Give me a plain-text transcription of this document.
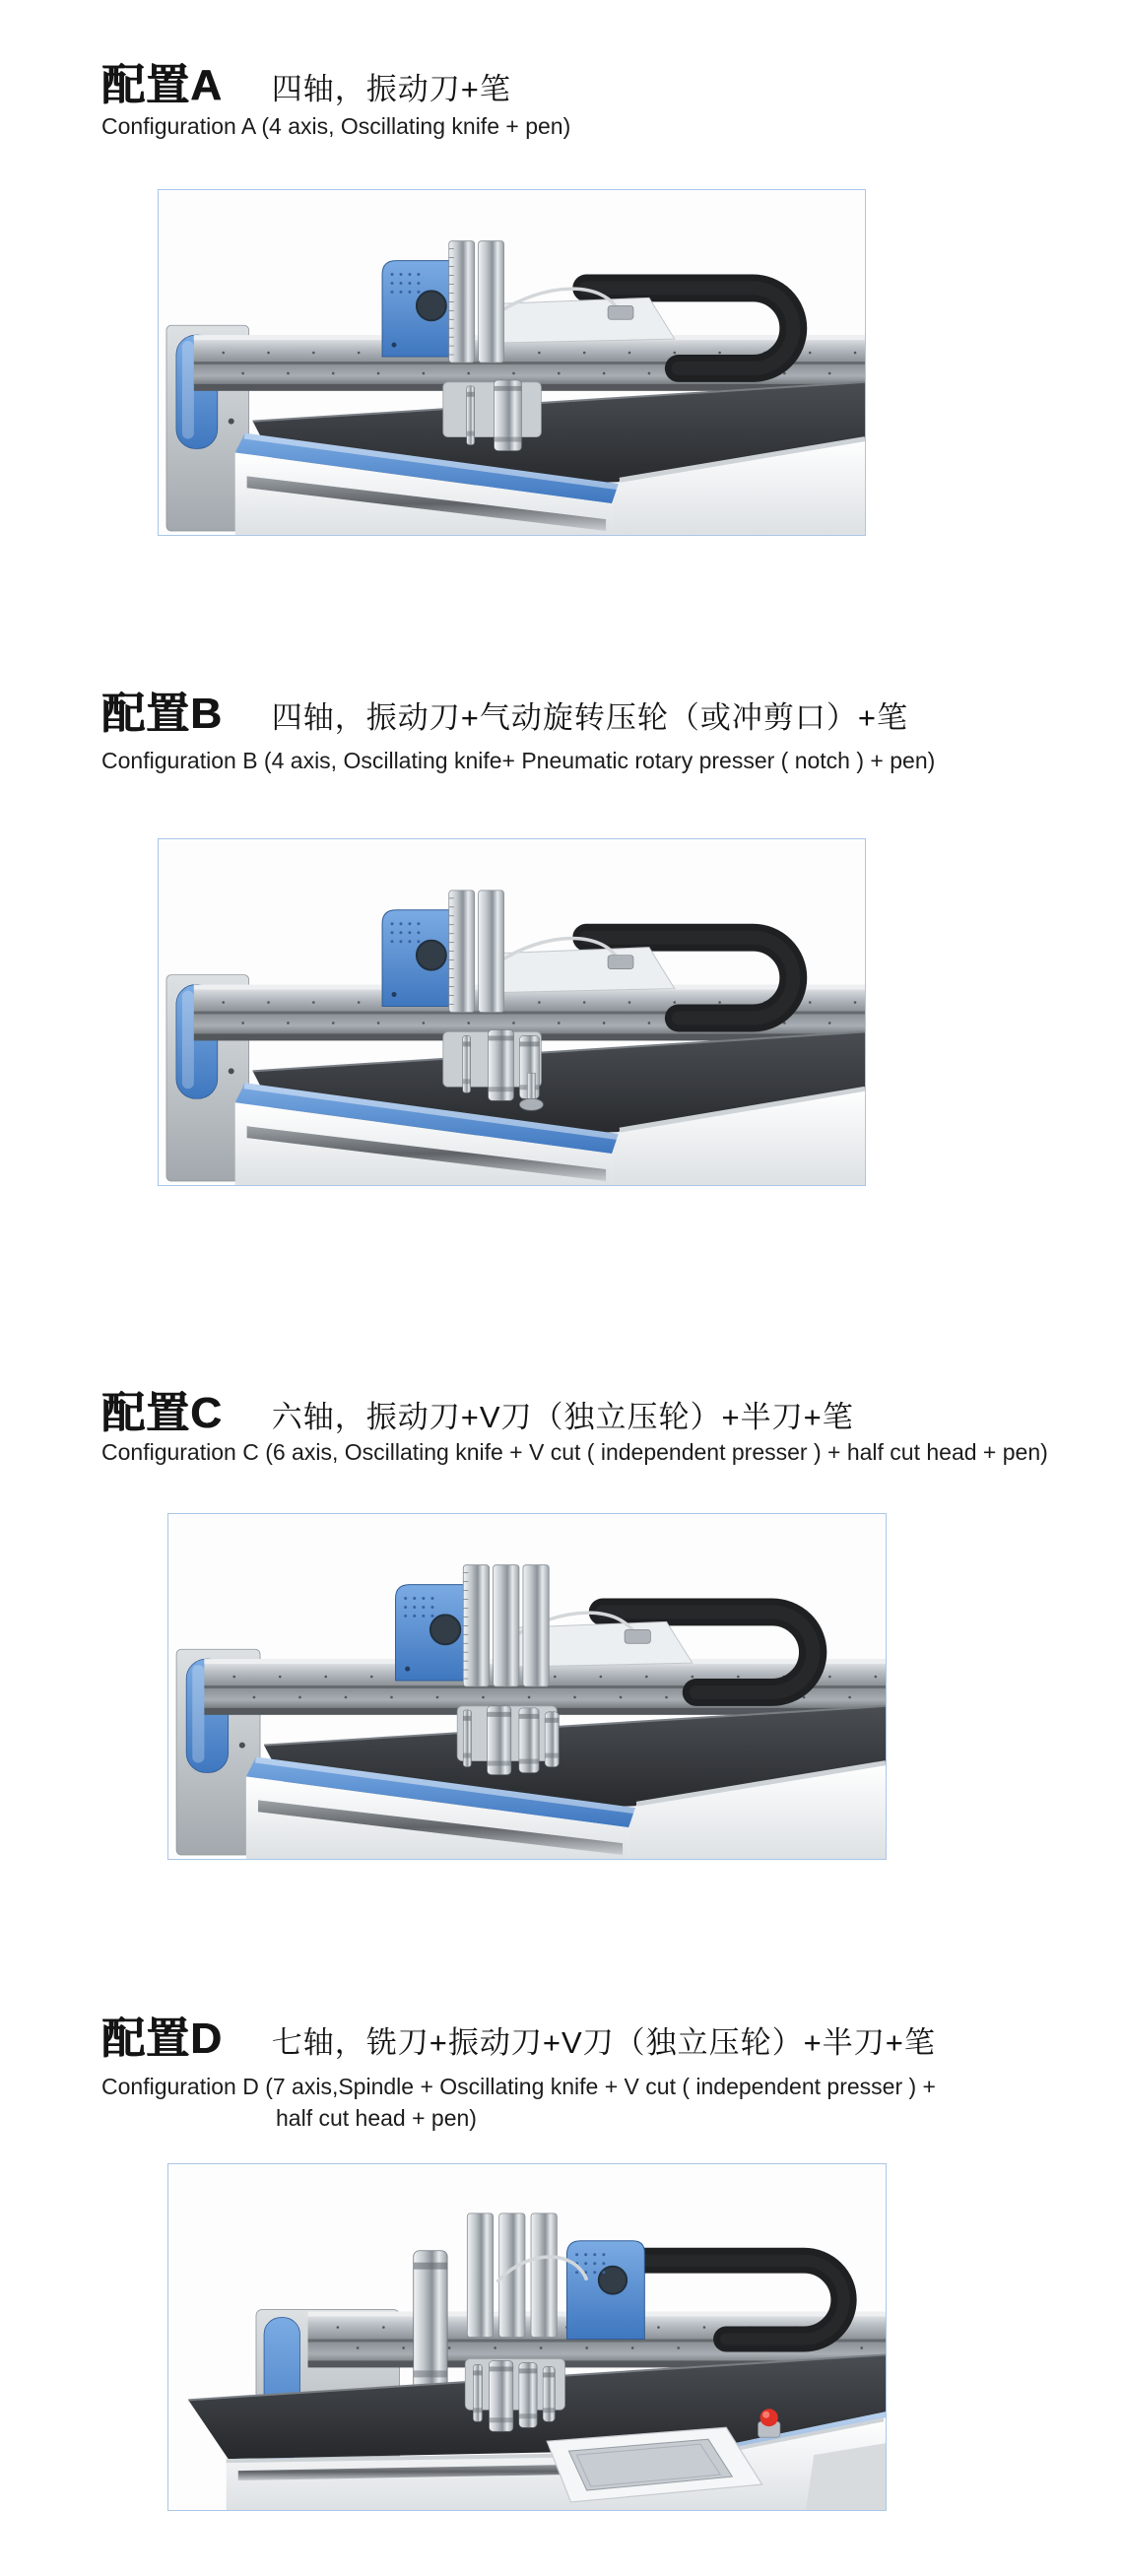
配置A 四轴，振动刀+笔

Configuration A (4 axis, Oscillating knife + pen)

配置B 四轴，振动刀+气动旋转压轮（或冲剪口）+笔

Configuration B (4 axis, Oscillating knife+ Pneumatic rotary presser ( notch ) + pen)

配置C 六轴，振动刀+V刀（独立压轮）+半刀+笔

Configuration C (6 axis, Oscillating knife + V cut ( independent presser ) + half cut head + pen)

配置D 七轴，铣刀+振动刀+V刀（独立压轮）+半刀+笔

Configuration D (7 axis,Spindle + Oscillating knife + V cut ( independent presser ) +
half cut head + pen)
